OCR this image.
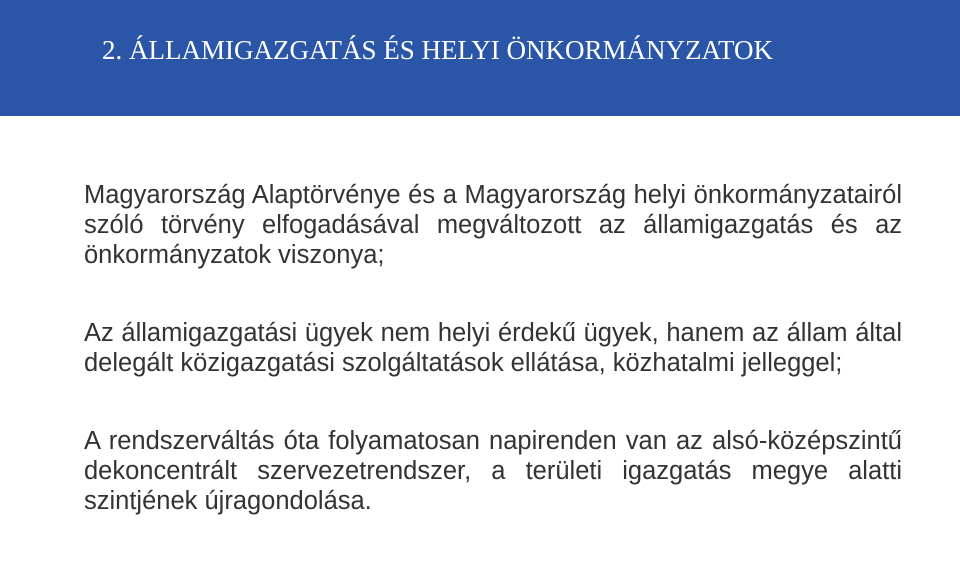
2. ÁLLAMIGAZGATÁS ÉS HELYI ÖNKORMÁNYZATOK

Magyarország Alaptörvénye és a Magyarország helyi önkormányzatairól szóló törvény elfogadásával megváltozott az államigazgatás és az önkormányzatok viszonya;

Az államigazgatási ügyek nem helyi érdekű ügyek, hanem az állam által delegált közigazgatási szolgáltatások ellátása, közhatalmi jelleggel;

A rendszerváltás óta folyamatosan napirenden van az alsó-középszintű dekoncentrált szervezetrendszer, a területi igazgatás megye alatti szintjének újragondolása.
